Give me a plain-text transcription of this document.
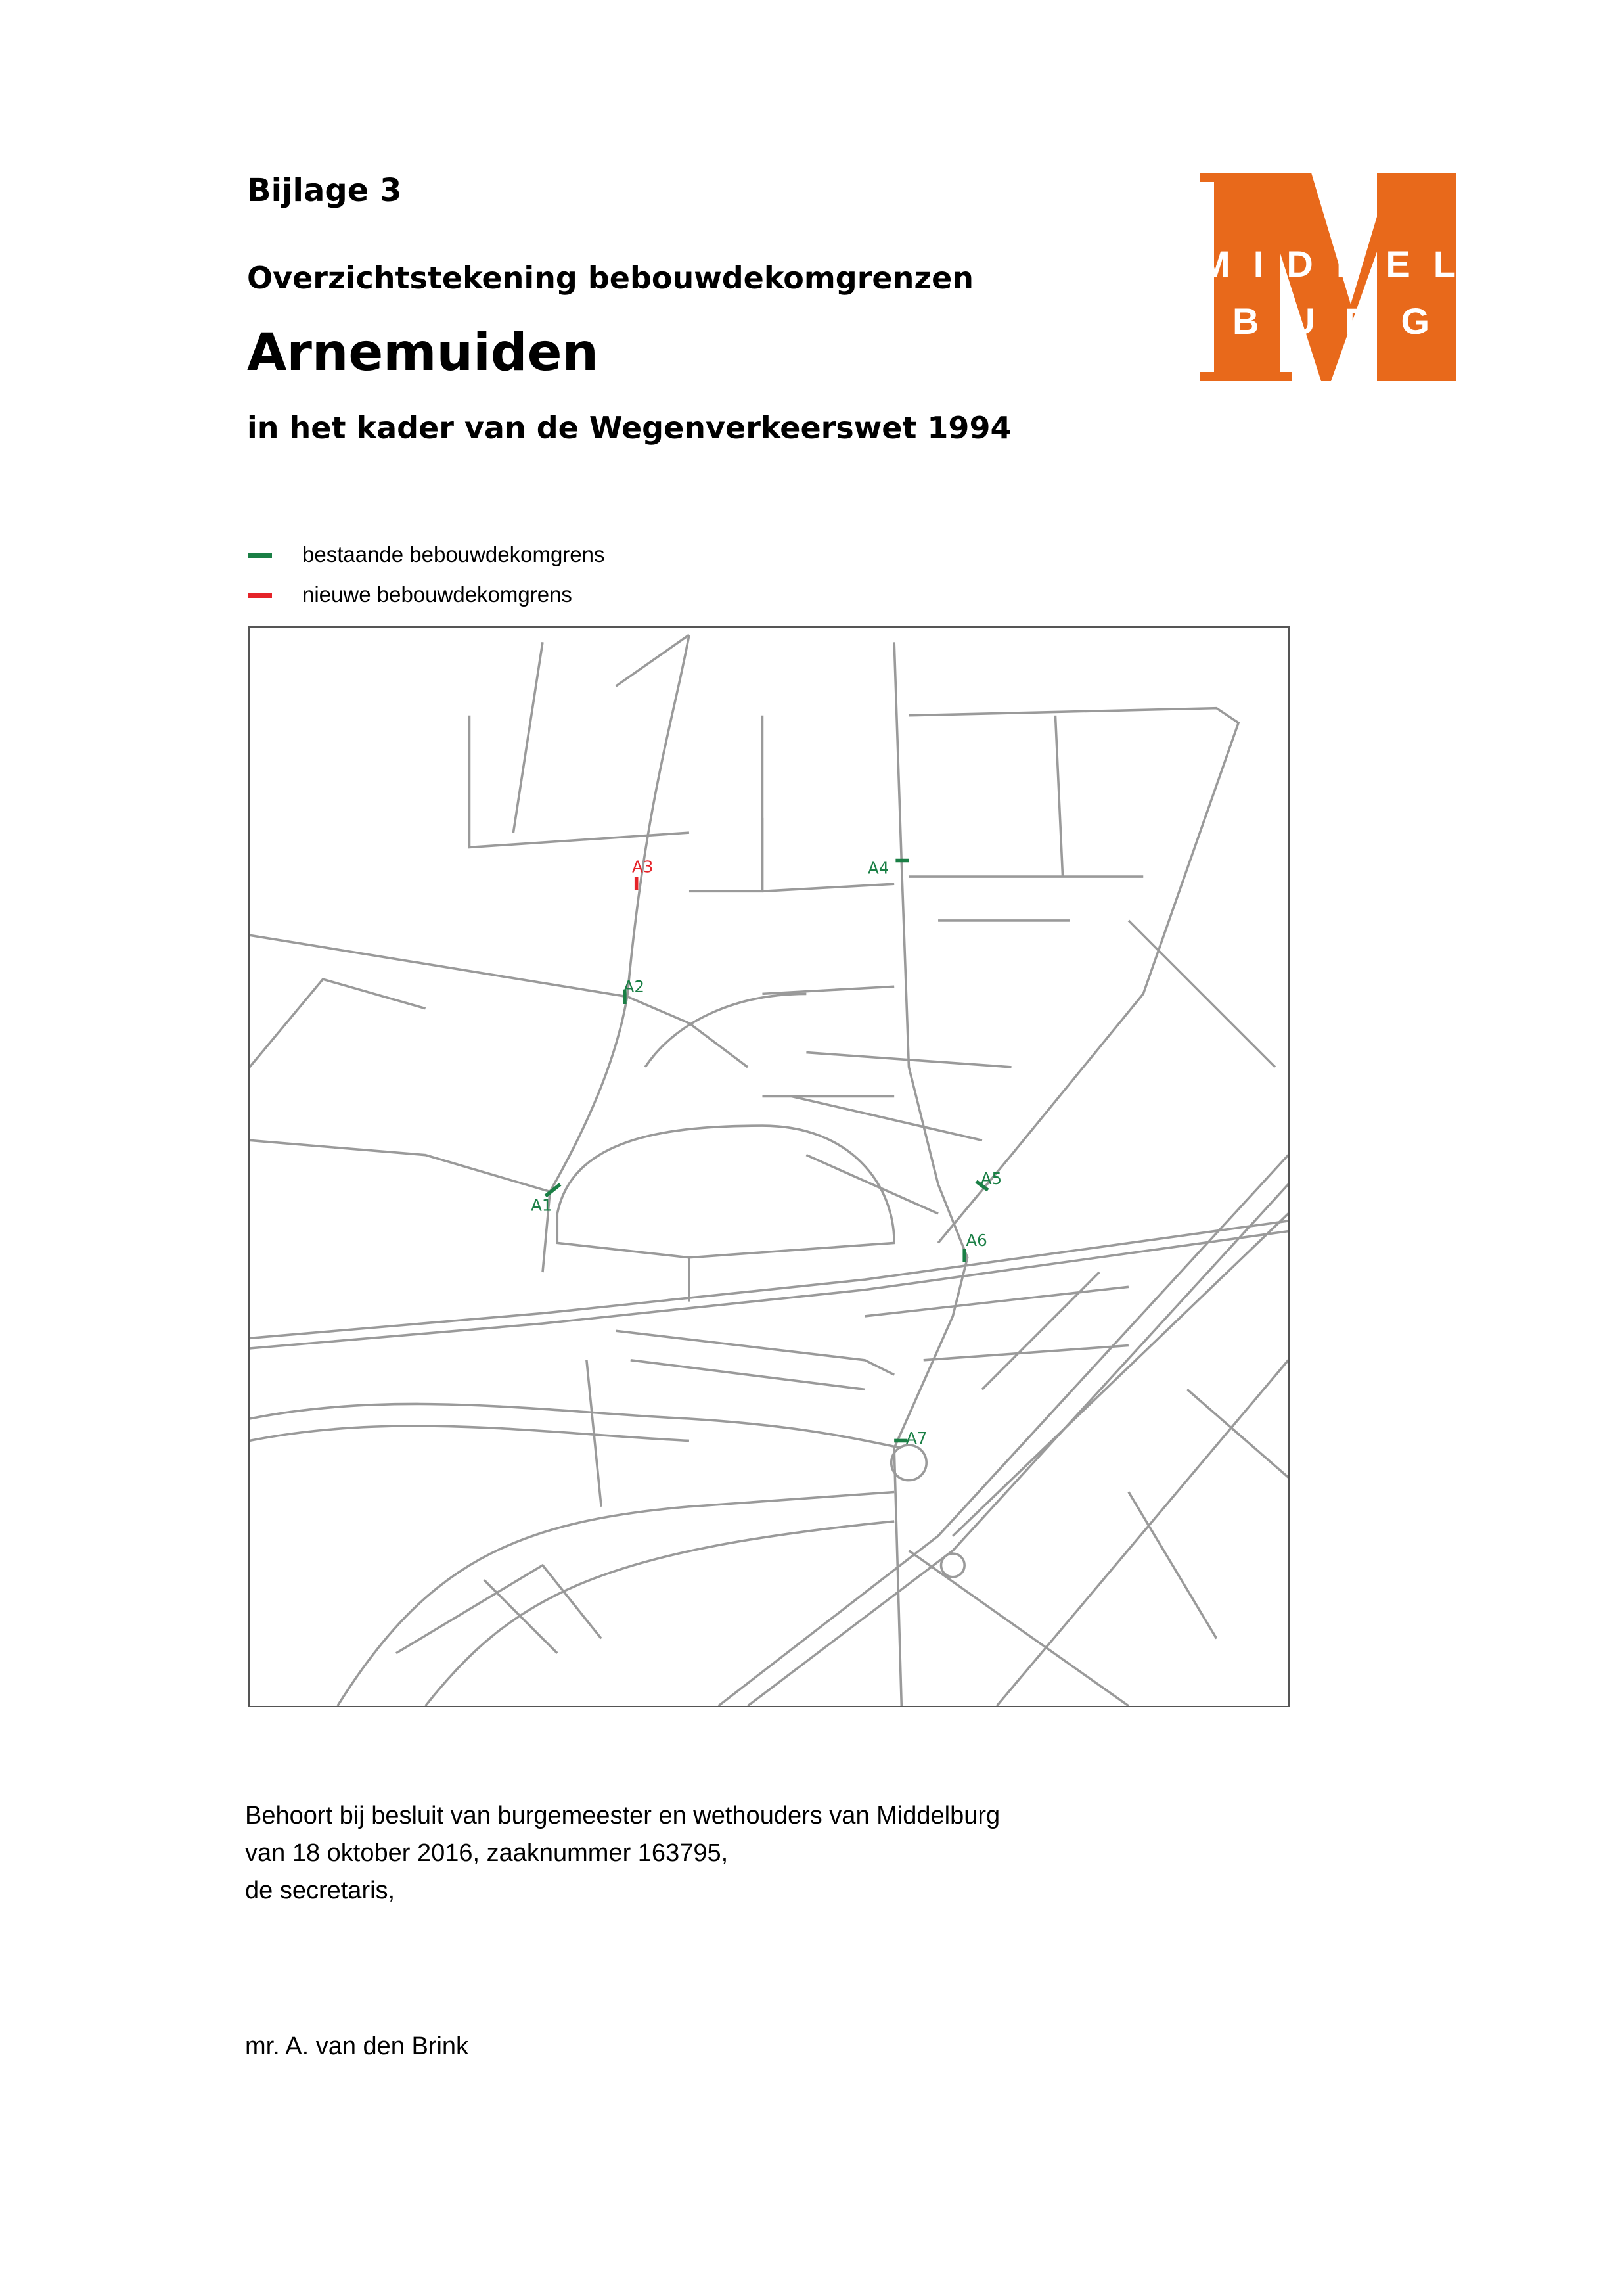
Bijlage 3
Overzichtstekening bebouwdekomgrenzen
Arnemuiden
in het kader van de Wegenverkeerswet 1994
M I D D E L
B U R G
bestaande bebouwdekomgrens
nieuwe bebouwdekomgrens
A1
A2
A3	A4
A5
A6
A7
Behoort bij besluit van burgemeester en wethouders van Middelburg
van 18 oktober 2016, zaaknummer 163795,
de secretaris,
mr. A. van den Brink
